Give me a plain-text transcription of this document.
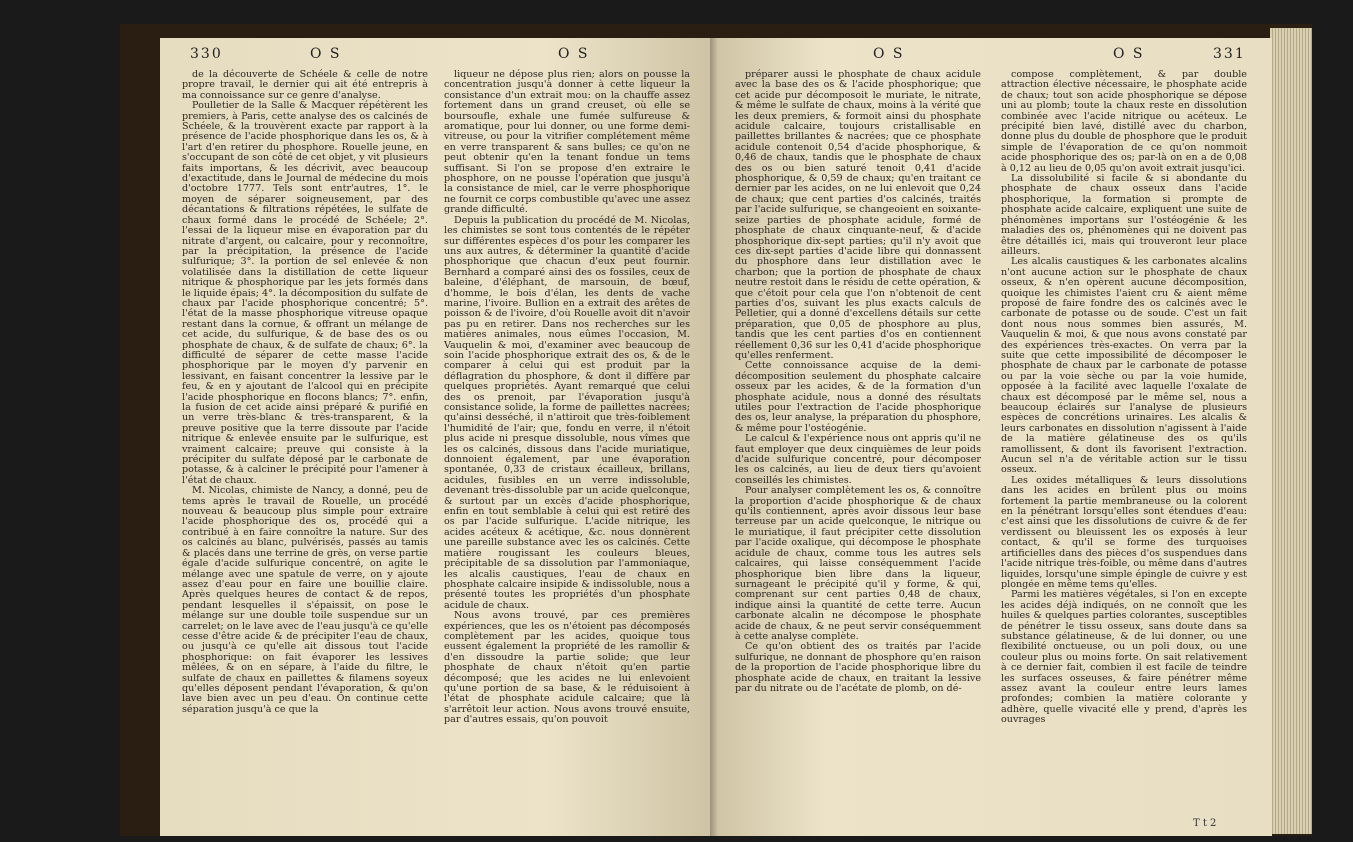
330	O S	O S

de la découverte de Schéele & celle de notre propre travail, le dernier qui ait été entrepris à ma connoissance sur ce genre d'analyse.

Poulletier de la Salle & Macquer répétèrent les premiers, à Paris, cette analyse des os calcinés de Schéele, & la trouvèrent exacte par rapport à la présence de l'acide phosphorique dans les os, & à l'art d'en retirer du phosphore. Rouelle jeune, en s'occupant de son côté de cet objet, y vit plusieurs faits importans, & les décrivit, avec beaucoup d'exactitude, dans le Journal de médecine du mois d'octobre 1777. Tels sont entr'autres, 1°. le moyen de séparer soigneusement, par des décantations & filtrations répétées, le sulfate de chaux formé dans le procédé de Schéele; 2°. l'essai de la liqueur mise en évaporation par du nitrate d'argent, ou calcaire, pour y reconnoître, par la précipitation, la présence de l'acide sulfurique; 3°. la portion de sel enlevée & non volatilisée dans la distillation de cette liqueur nitrique & phosphorique par les jets formés dans le liquide épais; 4°. la décomposition du sulfate de chaux par l'acide phosphorique concentré; 5°. l'état de la masse phosphorique vitreuse opaque restant dans la cornue, & offrant un mélange de cet acide, du sulfurique, & de base des os ou phosphate de chaux, & de sulfate de chaux; 6°. la difficulté de séparer de cette masse l'acide phosphorique par le moyen d'y parvenir en lessivant, en faisant concentrer la lessive par le feu, & en y ajoutant de l'alcool qui en précipite l'acide phosphorique en flocons blancs; 7°. enfin, la fusion de cet acide ainsi préparé & purifié en un verre très-blanc & très-transparent, & la preuve positive que la terre dissoute par l'acide nitrique & enlevée ensuite par le sulfurique, est vraiment calcaire; preuve qui consiste à la précipiter du sulfate déposé par le carbonate de potasse, & à calciner le précipité pour l'amener à l'état de chaux.

M. Nicolas, chimiste de Nancy, a donné, peu de tems après le travail de Rouelle, un procédé nouveau & beaucoup plus simple pour extraire l'acide phosphorique des os, procédé qui a contribué à en faire connoître la nature. Sur des os calcinés au blanc, pulvérisés, passés au tamis & placés dans une terrine de grès, on verse partie égale d'acide sulfurique concentré, on agite le mélange avec une spatule de verre, on y ajoute assez d'eau pour en faire une bouillie claire. Après quelques heures de contact & de repos, pendant lesquelles il s'épaissit, on pose le mélange sur une double toile suspendue sur un carrelet; on le lave avec de l'eau jusqu'à ce qu'elle cesse d'être acide & de précipiter l'eau de chaux, ou jusqu'à ce qu'elle ait dissous tout l'acide phosphorique: on fait évaporer les lessives mêlées, & on en sépare, à l'aide du filtre, le sulfate de chaux en paillettes & filamens soyeux qu'elles déposent pendant l'évaporation, & qu'on lave bien avec un peu d'eau. On continue cette séparation jusqu'à ce que la

liqueur ne dépose plus rien; alors on pousse la concentration jusqu'à donner à cette liqueur la consistance d'un extrait mou: on la chauffe assez fortement dans un grand creuset, où elle se boursoufle, exhale une fumée sulfureuse & aromatique, pour lui donner, ou une forme demi-vitreuse, ou pour la vitrifier complétement même en verre transparent & sans bulles; ce qu'on ne peut obtenir qu'en la tenant fondue un tems suffisant. Si l'on se propose d'en extraire le phosphore, on ne pousse l'opération que jusqu'à la consistance de miel, car le verre phosphorique ne fournit ce corps combustible qu'avec une assez grande difficulté.

Depuis la publication du procédé de M. Nicolas, les chimistes se sont tous contentés de le répéter sur différentes espèces d'os pour les comparer les uns aux autres, & déterminer la quantité d'acide phosphorique que chacun d'eux peut fournir. Bernhard a comparé ainsi des os fossiles, ceux de baleine, d'éléphant, de marsouin, de bœuf, d'homme, le bois d'élan, les dents de vache marine, l'ivoire. Bullion en a extrait des arêtes de poisson & de l'ivoire, d'où Rouelle avoit dit n'avoir pas pu en retirer. Dans nos recherches sur les matières animales, nous eûmes l'occasion, M. Vauquelin & moi, d'examiner avec beaucoup de soin l'acide phosphorique extrait des os, & de le comparer à celui qui est produit par la déflagration du phosphore, & dont il diffère par quelques propriétés. Ayant remarqué que celui des os prenoit, par l'évaporation jusqu'à consistance solide, la forme de paillettes nacrées; qu'ainsi desséché, il n'attiroit que très-foiblement l'humidité de l'air; que, fondu en verre, il n'étoit plus acide ni presque dissoluble, nous vîmes que les os calcinés, dissous dans l'acide muriatique, donnoient également, par une évaporation spontanée, 0,33 de cristaux écailleux, brillans, acidules, fusibles en un verre indissoluble, devenant très-dissoluble par un acide quelconque, & surtout par un excès d'acide phosphorique, enfin en tout semblable à celui qui est retiré des os par l'acide sulfurique. L'acide nitrique, les acides acéteux & acétique, &c. nous donnèrent une pareille substance avec les os calcinés. Cette matière rougissant les couleurs bleues, précipitable de sa dissolution par l'ammoniaque, les alcalis caustiques, l'eau de chaux en phosphate calcaire insipide & indissoluble, nous a présenté toutes les propriétés d'un phosphate acidule de chaux.

Nous avons trouvé, par ces premières expériences, que les os n'étoient pas décomposés complètement par les acides, quoique tous eussent également la propriété de les ramollir & d'en dissoudre la partie solide; que leur phosphate de chaux n'étoit qu'en partie décomposé; que les acides ne lui enlevoient qu'une portion de sa base, & le réduisoient à l'état de phosphate acidule calcaire; que là s'arrêtoit leur action. Nous avons trouvé ensuite, par d'autres essais, qu'on pouvoit

O S	O S	331

préparer aussi le phosphate de chaux acidule avec la base des os & l'acide phosphorique; que cet acide pur décomposoit le muriate, le nitrate, & même le sulfate de chaux, moins à la vérité que les deux premiers, & formoit ainsi du phosphate acidule calcaire, toujours cristallisable en paillettes brillantes & nacrées; que ce phosphate acidule contenoit 0,54 d'acide phosphorique, & 0,46 de chaux, tandis que le phosphate de chaux des os ou bien saturé tenoit 0,41 d'acide phosphorique, & 0,59 de chaux; qu'en traitant ce dernier par les acides, on ne lui enlevoit que 0,24 de chaux; que cent parties d'os calcinés, traités par l'acide sulfurique, se changeoient en soixante-seize parties de phosphate acidule, formé de phosphate de chaux cinquante-neuf, & d'acide phosphorique dix-sept parties; qu'il n'y avoit que ces dix-sept parties d'acide libre qui donnassent du phosphore dans leur distillation avec le charbon; que la portion de phosphate de chaux neutre restoit dans le résidu de cette opération, & que c'étoit pour cela que l'on n'obtenoit de cent parties d'os, suivant les plus exacts calculs de Pelletier, qui a donné d'excellens détails sur cette préparation, que 0,05 de phosphore au plus, tandis que les cent parties d'os en contiennent réellement 0,36 sur les 0,41 d'acide phosphorique qu'elles renferment.

Cette connoissance acquise de la demi-décomposition seulement du phosphate calcaire osseux par les acides, & de la formation d'un phosphate acidule, nous a donné des résultats utiles pour l'extraction de l'acide phosphorique des os, leur analyse, la préparation du phosphore, & même pour l'ostéogénie.

Le calcul & l'expérience nous ont appris qu'il ne faut employer que deux cinquièmes de leur poids d'acide sulfurique concentré, pour décomposer les os calcinés, au lieu de deux tiers qu'avoient conseillés les chimistes.

Pour analyser complètement les os, & connoître la proportion d'acide phosphorique & de chaux qu'ils contiennent, après avoir dissous leur base terreuse par un acide quelconque, le nitrique ou le muriatique, il faut précipiter cette dissolution par l'acide oxalique, qui décompose le phosphate acidule de chaux, comme tous les autres sels calcaires, qui laisse conséquemment l'acide phosphorique bien libre dans la liqueur, surnageant le précipité qu'il y forme, & qui, comprenant sur cent parties 0,48 de chaux, indique ainsi la quantité de cette terre. Aucun carbonate alcalin ne décompose le phosphate acide de chaux, & ne peut servir conséquemment à cette analyse complète.

Ce qu'on obtient des os traités par l'acide sulfurique, ne donnant de phosphore qu'en raison de la proportion de l'acide phosphorique libre du phosphate acide de chaux, en traitant la lessive par du nitrate ou de l'acétate de plomb, on dé-

compose complètement, & par double attraction élective nécessaire, le phosphate acide de chaux; tout son acide phosphorique se dépose uni au plomb; toute la chaux reste en dissolution combinée avec l'acide nitrique ou acéteux. Le précipité bien lavé, distillé avec du charbon, donne plus du double de phosphore que le produit simple de l'évaporation de ce qu'on nommoit acide phosphorique des os; par-là on en a de 0,08 à 0,12 au lieu de 0,05 qu'on avoit extrait jusqu'ici.

La dissolubilité si facile & si abondante du phosphate de chaux osseux dans l'acide phosphorique, la formation si prompte de phosphate acide calcaire, expliquent une suite de phénomènes importans sur l'ostéogénie & les maladies des os, phénomènes qui ne doivent pas être détaillés ici, mais qui trouveront leur place ailleurs.

Les alcalis caustiques & les carbonates alcalins n'ont aucune action sur le phosphate de chaux osseux, & n'en opèrent aucune décomposition, quoique les chimistes l'aient cru & aient même proposé de faire fondre des os calcinés avec le carbonate de potasse ou de soude. C'est un fait dont nous nous sommes bien assurés, M. Vauquelin & moi, & que nous avons constaté par des expériences très-exactes. On verra par la suite que cette impossibilité de décomposer le phosphate de chaux par le carbonate de potasse ou par la voie sèche ou par la voie humide, opposée à la facilité avec laquelle l'oxalate de chaux est décomposé par le même sel, nous a beaucoup éclairés sur l'analyse de plusieurs espèces de concrétions urinaires. Les alcalis & leurs carbonates en dissolution n'agissent à l'aide de la matière gélatineuse des os qu'ils ramollissent, & dont ils favorisent l'extraction. Aucun sel n'a de véritable action sur le tissu osseux.

Les oxides métalliques & leurs dissolutions dans les acides en brûlent plus ou moins fortement la partie membraneuse ou la colorent en la pénétrant lorsqu'elles sont étendues d'eau: c'est ainsi que les dissolutions de cuivre & de fer verdissent ou bleuissent les os exposés à leur contact, & qu'il se forme des turquoises artificielles dans des pièces d'os suspendues dans l'acide nitrique très-foible, ou même dans d'autres liquides, lorsqu'une simple épingle de cuivre y est plongée en même tems qu'elles.

Parmi les matières végétales, si l'on en excepte les acides déjà indiqués, on ne connoît que les huiles & quelques parties colorantes, susceptibles de pénétrer le tissu osseux, sans doute dans sa substance gélatineuse, & de lui donner, ou une flexibilité onctueuse, ou un poli doux, ou une couleur plus ou moins forte. On sait relativement à ce dernier fait, combien il est facile de teindre les surfaces osseuses, & faire pénétrer même assez avant la couleur entre leurs lames profondes; combien la matière colorante y adhère, quelle vivacité elle y prend, d'après les ouvrages

T t 2
